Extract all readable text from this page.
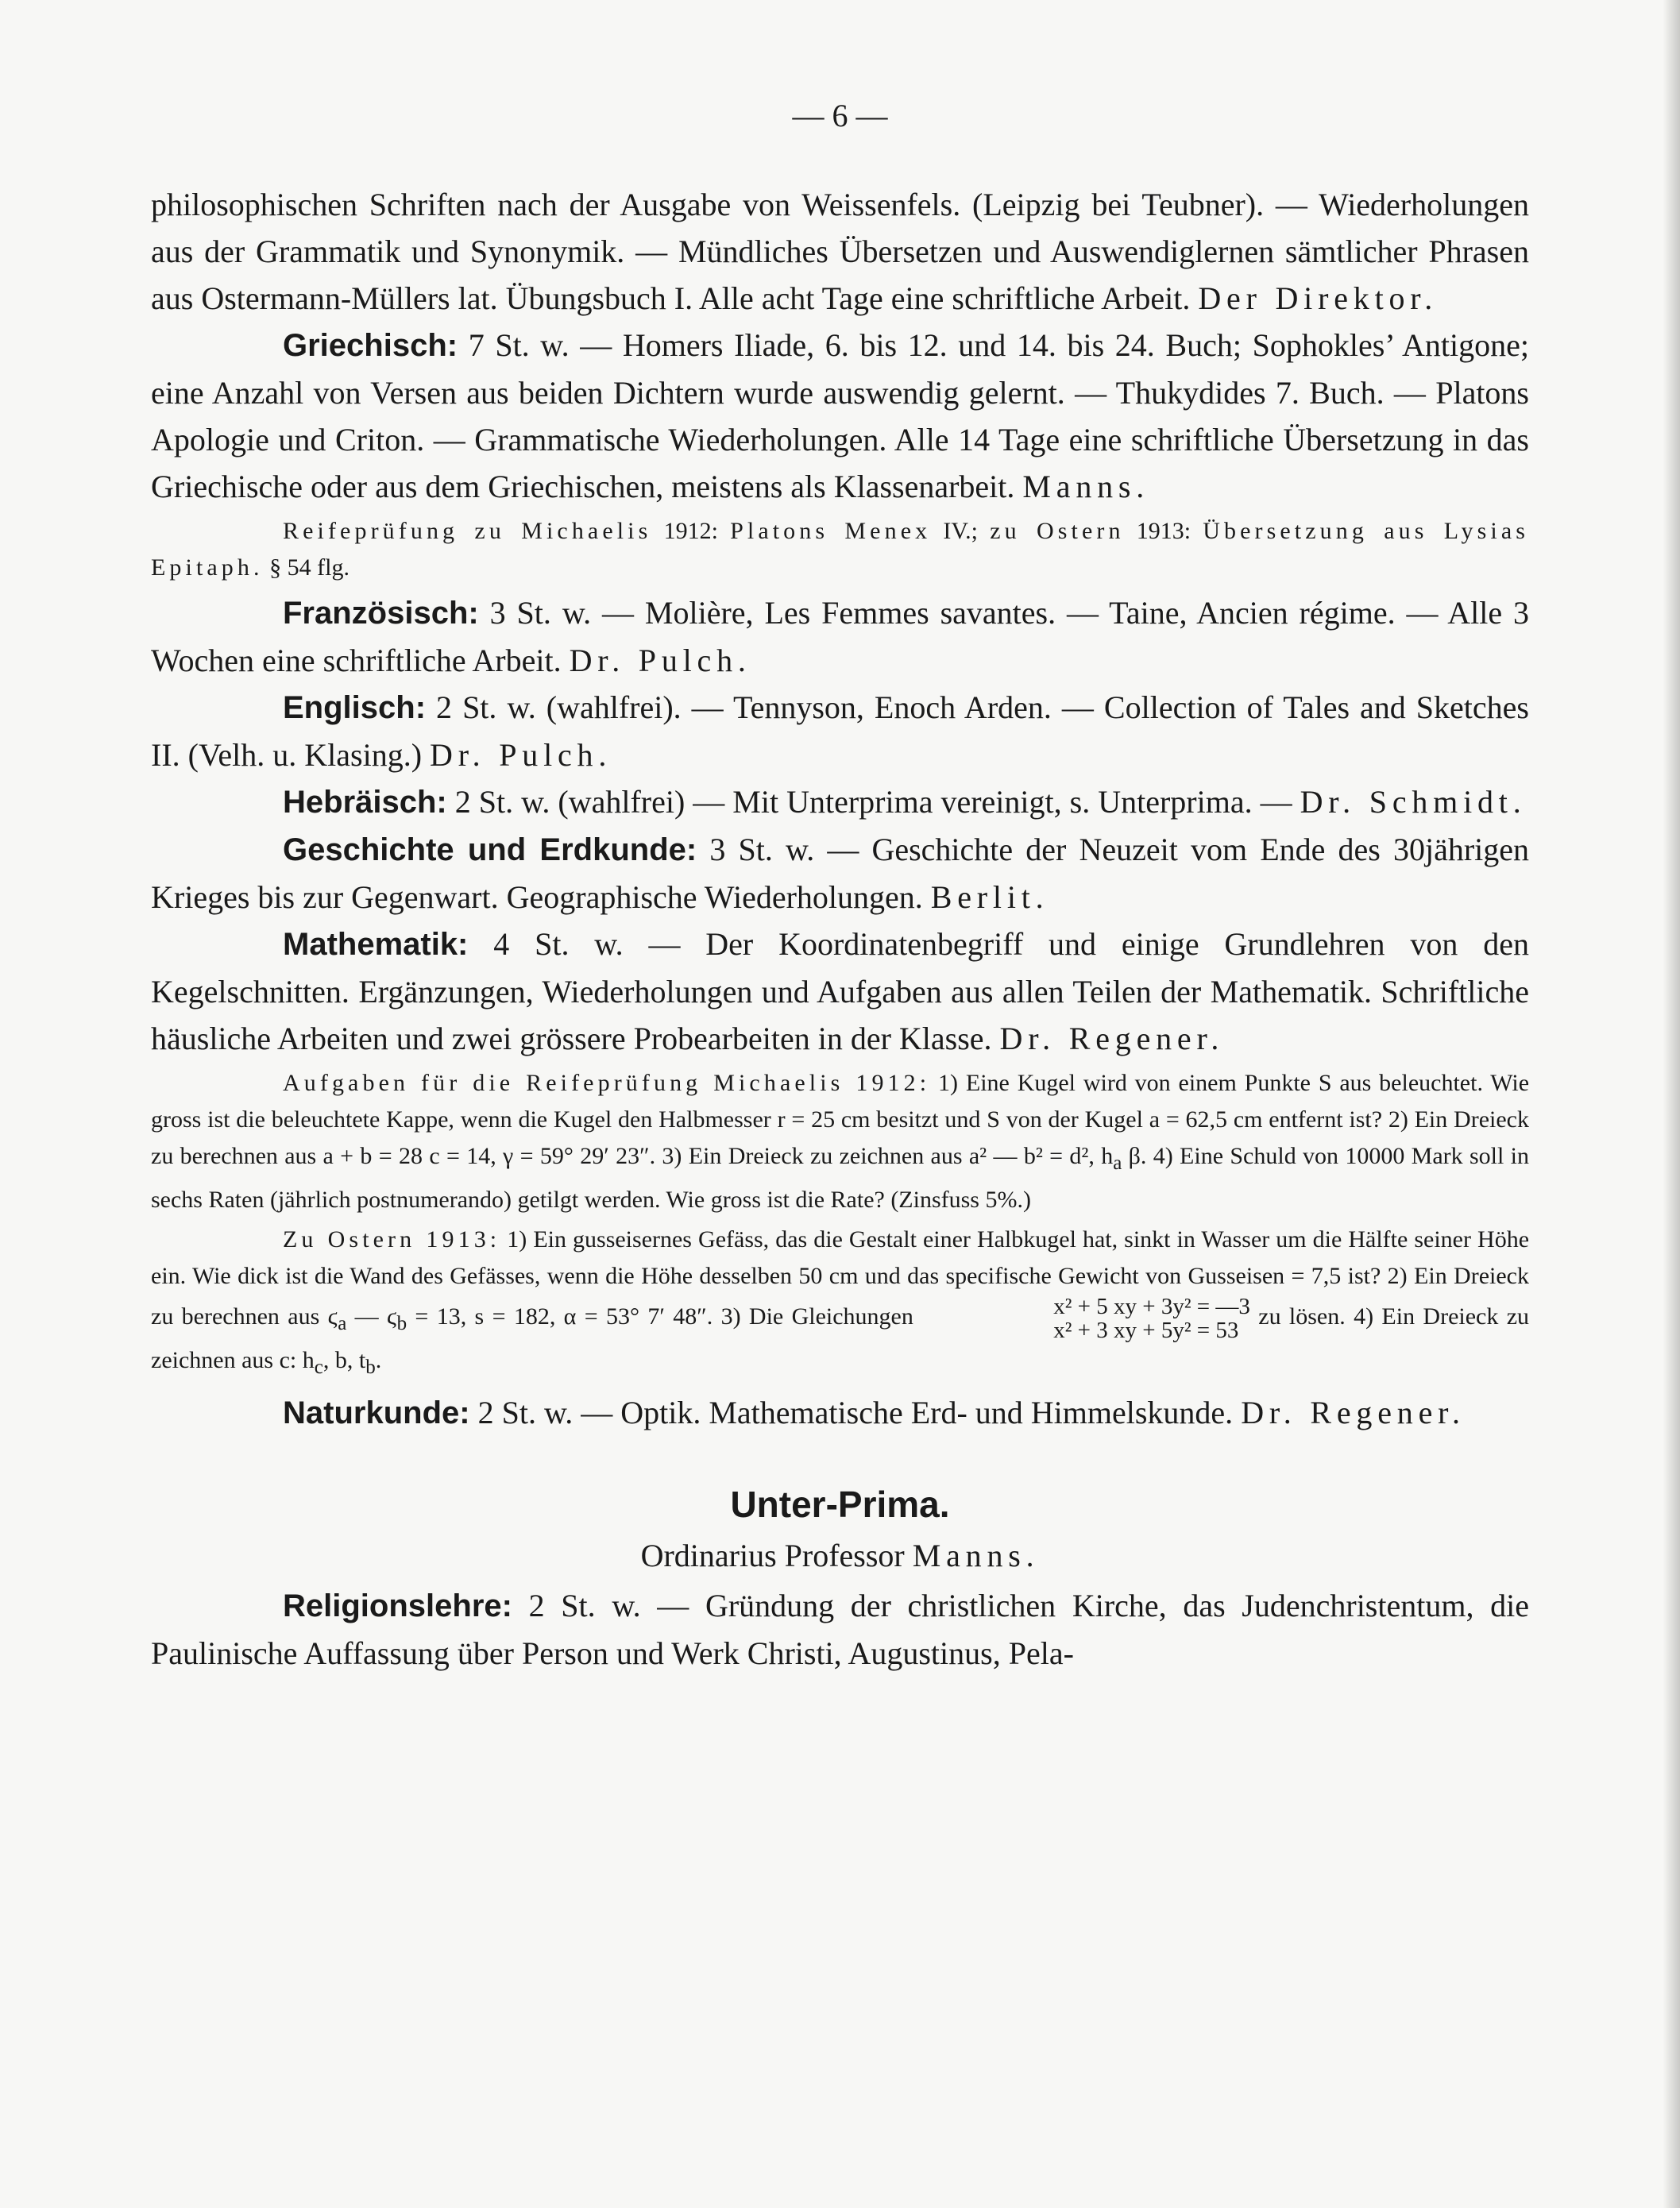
— 6 —

philosophischen Schriften nach der Ausgabe von Weissenfels. (Leipzig bei Teubner). — Wiederholungen aus der Grammatik und Synonymik. — Mündliches Übersetzen und Auswendiglernen sämtlicher Phrasen aus Ostermann-Müllers lat. Übungsbuch I. Alle acht Tage eine schriftliche Arbeit. Der Direktor.

Griechisch: 7 St. w. — Homers Iliade, 6. bis 12. und 14. bis 24. Buch; Sophokles’ Antigone; eine Anzahl von Versen aus beiden Dichtern wurde auswendig gelernt. — Thukydides 7. Buch. — Platons Apologie und Criton. — Grammatische Wiederholungen. Alle 14 Tage eine schriftliche Übersetzung in das Griechische oder aus dem Griechischen, meistens als Klassenarbeit. Manns.

Reifeprüfung zu Michaelis 1912: Platons Menex IV.; zu Ostern 1913: Übersetzung aus Lysias Epitaph. § 54 flg.

Französisch: 3 St. w. — Molière, Les Femmes savantes. — Taine, Ancien régime. — Alle 3 Wochen eine schriftliche Arbeit. Dr. Pulch.

Englisch: 2 St. w. (wahlfrei). — Tennyson, Enoch Arden. — Collection of Tales and Sketches II. (Velh. u. Klasing.) Dr. Pulch.

Hebräisch: 2 St. w. (wahlfrei) — Mit Unterprima vereinigt, s. Unterprima. — Dr. Schmidt.

Geschichte und Erdkunde: 3 St. w. — Geschichte der Neuzeit vom Ende des 30jährigen Krieges bis zur Gegenwart. Geographische Wiederholungen. Berlit.

Mathematik: 4 St. w. — Der Koordinatenbegriff und einige Grundlehren von den Kegelschnitten. Ergänzungen, Wiederholungen und Aufgaben aus allen Teilen der Mathematik. Schriftliche häusliche Arbeiten und zwei grössere Probearbeiten in der Klasse. Dr. Regener.

Aufgaben für die Reifeprüfung Michaelis 1912: 1) Eine Kugel wird von einem Punkte S aus beleuchtet. Wie gross ist die beleuchtete Kappe, wenn die Kugel den Halbmesser r = 25 cm besitzt und S von der Kugel a = 62,5 cm entfernt ist? 2) Ein Dreieck zu berechnen aus a + b = 28 c = 14, γ = 59° 29′ 23″. 3) Ein Dreieck zu zeichnen aus a² — b² = d², $h_a$ β. 4) Eine Schuld von 10000 Mark soll in sechs Raten (jährlich postnumerando) getilgt werden. Wie gross ist die Rate? (Zinsfuss 5%.)

Zu Ostern 1913: 1) Ein gusseisernes Gefäss, das die Gestalt einer Halbkugel hat, sinkt in Wasser um die Hälfte seiner Höhe ein. Wie dick ist die Wand des Gefässes, wenn die Höhe desselben 50 cm und das specifische Gewicht von Gusseisen = 7,5 ist? 2) Ein Dreieck zu berechnen aus $ϛ_a$ — $ϛ_b = 13$, s = 182, α = 53° 7′ 48″. 3) Die Gleichungen	x² + 5 xy + 3y² = —3
x² + 3 xy + 5y² = 53
zu lösen. 4) Ein Dreieck zu zeichnen aus c: $h_c$, b, $t_b$.

Naturkunde: 2 St. w. — Optik. Mathematische Erd- und Himmelskunde. Dr. Regener.

Unter-Prima.

Ordinarius Professor Manns.

Religionslehre: 2 St. w. — Gründung der christlichen Kirche, das Judenchristentum, die Paulinische Auffassung über Person und Werk Christi, Augustinus, Pela-
